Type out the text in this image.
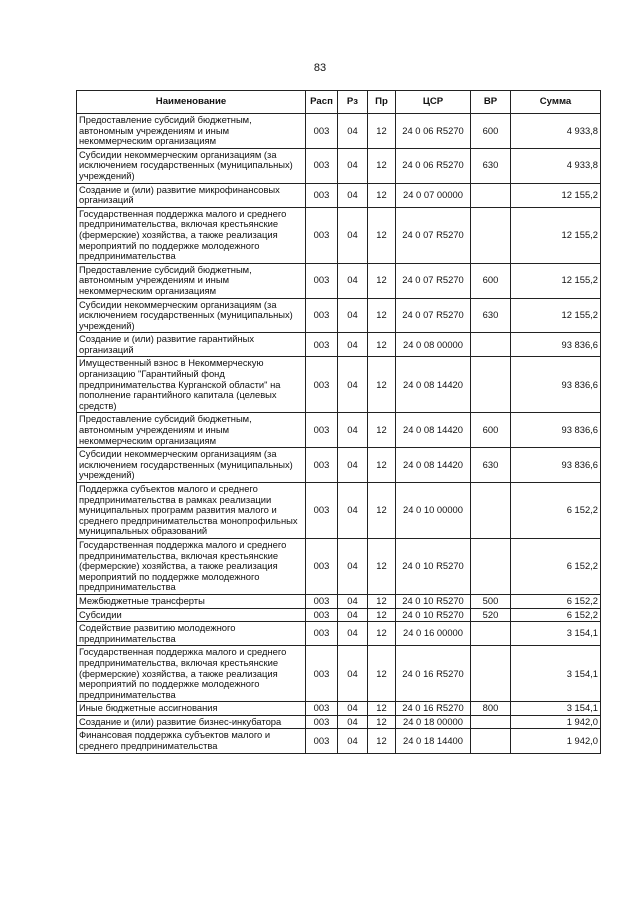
83
Наименование	Расп	Рз	Пр	ЦСР	ВР	Сумма
Предоставление субсидий бюджетным, автономным учреждениям и иным некоммерческим организациям	003	04	12	24 0 06 R5270	600	4 933,8
Субсидии некоммерческим организациям (за исключением государственных (муниципальных) учреждений)	003	04	12	24 0 06 R5270	630	4 933,8
Создание и (или) развитие микрофинансовых организаций	003	04	12	24 0 07 00000		12 155,2
Государственная поддержка малого и среднего предпринимательства, включая крестьянские (фермерские) хозяйства, а также реализация мероприятий по поддержке молодежного предпринимательства	003	04	12	24 0 07 R5270		12 155,2
Предоставление субсидий бюджетным, автономным учреждениям и иным некоммерческим организациям	003	04	12	24 0 07 R5270	600	12 155,2
Субсидии некоммерческим организациям (за исключением государственных (муниципальных) учреждений)	003	04	12	24 0 07 R5270	630	12 155,2
Создание и (или) развитие гарантийных организаций	003	04	12	24 0 08 00000		93 836,6
Имущественный взнос в Некоммерческую организацию "Гарантийный фонд предпринимательства Курганской области" на пополнение гарантийного капитала (целевых средств)	003	04	12	24 0 08 14420		93 836,6
Предоставление субсидий бюджетным, автономным учреждениям и иным некоммерческим организациям	003	04	12	24 0 08 14420	600	93 836,6
Субсидии некоммерческим организациям (за исключением государственных (муниципальных) учреждений)	003	04	12	24 0 08 14420	630	93 836,6
Поддержка субъектов малого и среднего предпринимательства в рамках реализации муниципальных программ развития малого и среднего предпринимательства монопрофильных муниципальных образований	003	04	12	24 0 10 00000		6 152,2
Государственная поддержка малого и среднего предпринимательства, включая крестьянские (фермерские) хозяйства, а также реализация мероприятий по поддержке молодежного предпринимательства	003	04	12	24 0 10 R5270		6 152,2
Межбюджетные трансферты	003	04	12	24 0 10 R5270	500	6 152,2
Субсидии	003	04	12	24 0 10 R5270	520	6 152,2
Содействие развитию молодежного предпринимательства	003	04	12	24 0 16 00000		3 154,1
Государственная поддержка малого и среднего предпринимательства, включая крестьянские (фермерские) хозяйства, а также реализация мероприятий по поддержке молодежного предпринимательства	003	04	12	24 0 16 R5270		3 154,1
Иные бюджетные ассигнования	003	04	12	24 0 16 R5270	800	3 154,1
Создание и (или) развитие бизнес-инкубатора	003	04	12	24 0 18 00000		1 942,0
Финансовая поддержка субъектов малого и среднего предпринимательства	003	04	12	24 0 18 14400		1 942,0
